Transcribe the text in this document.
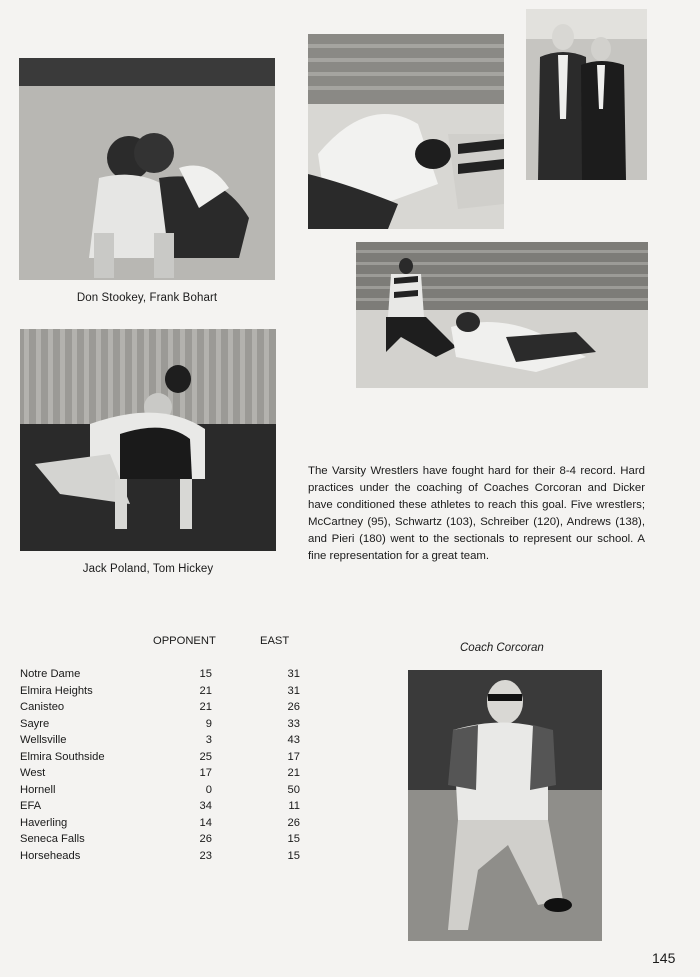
Don Stookey, Frank Bohart
Jack Poland, Tom Hickey
The Varsity Wrestlers have fought hard for their 8-4 record. Hard practices under the coaching of Coaches Corcoran and Dicker have conditioned these athletes to reach this goal. Five wrestlers; McCartney (95), Schwartz (103), Schreiber (120), Andrews (138), and Pieri (180) went to the sectionals to represent our school. A fine representation for a great team.
OPPONENT	EAST
Notre Dame	15	31
Elmira Heights	21	31
Canisteo	21	26
Sayre	9	33
Wellsville	3	43
Elmira Southside	25	17
West	17	21
Hornell	0	50
EFA	34	11
Haverling	14	26
Seneca Falls	26	15
Horseheads	23	15
Coach Corcoran
145
